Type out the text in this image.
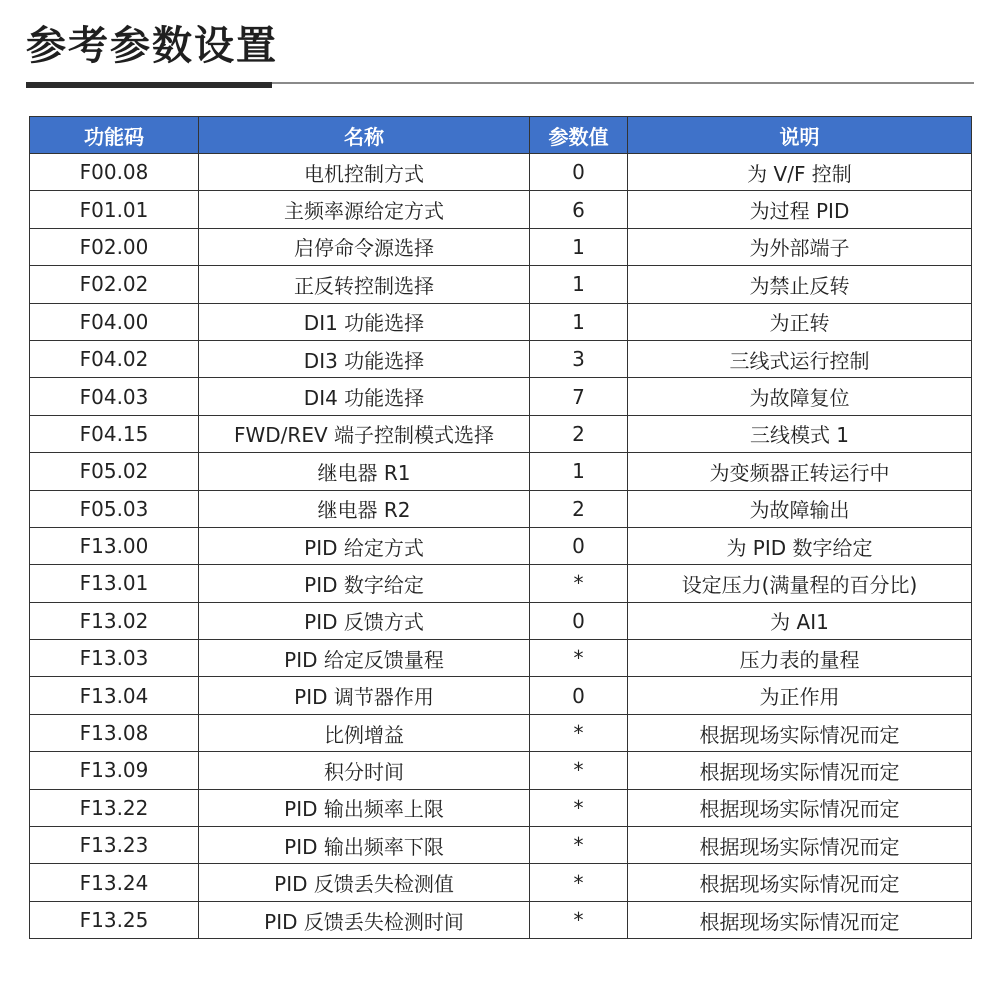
参考参数设置
功能码	名称	参数值	说明
F00.08	电机控制方式	0	为 V/F 控制
F01.01	主频率源给定方式	6	为过程 PID
F02.00	启停命令源选择	1	为外部端子
F02.02	正反转控制选择	1	为禁止反转
F04.00	DI1 功能选择	1	为正转
F04.02	DI3 功能选择	3	三线式运行控制
F04.03	DI4 功能选择	7	为故障复位
F04.15	FWD/REV 端子控制模式选择	2	三线模式 1
F05.02	继电器 R1	1	为变频器正转运行中
F05.03	继电器 R2	2	为故障输出
F13.00	PID 给定方式	0	为 PID 数字给定
F13.01	PID 数字给定	*	设定压力(满量程的百分比)
F13.02	PID 反馈方式	0	为 AI1
F13.03	PID 给定反馈量程	*	压力表的量程
F13.04	PID 调节器作用	0	为正作用
F13.08	比例增益	*	根据现场实际情况而定
F13.09	积分时间	*	根据现场实际情况而定
F13.22	PID 输出频率上限	*	根据现场实际情况而定
F13.23	PID 输出频率下限	*	根据现场实际情况而定
F13.24	PID 反馈丢失检测值	*	根据现场实际情况而定
F13.25	PID 反馈丢失检测时间	*	根据现场实际情况而定
